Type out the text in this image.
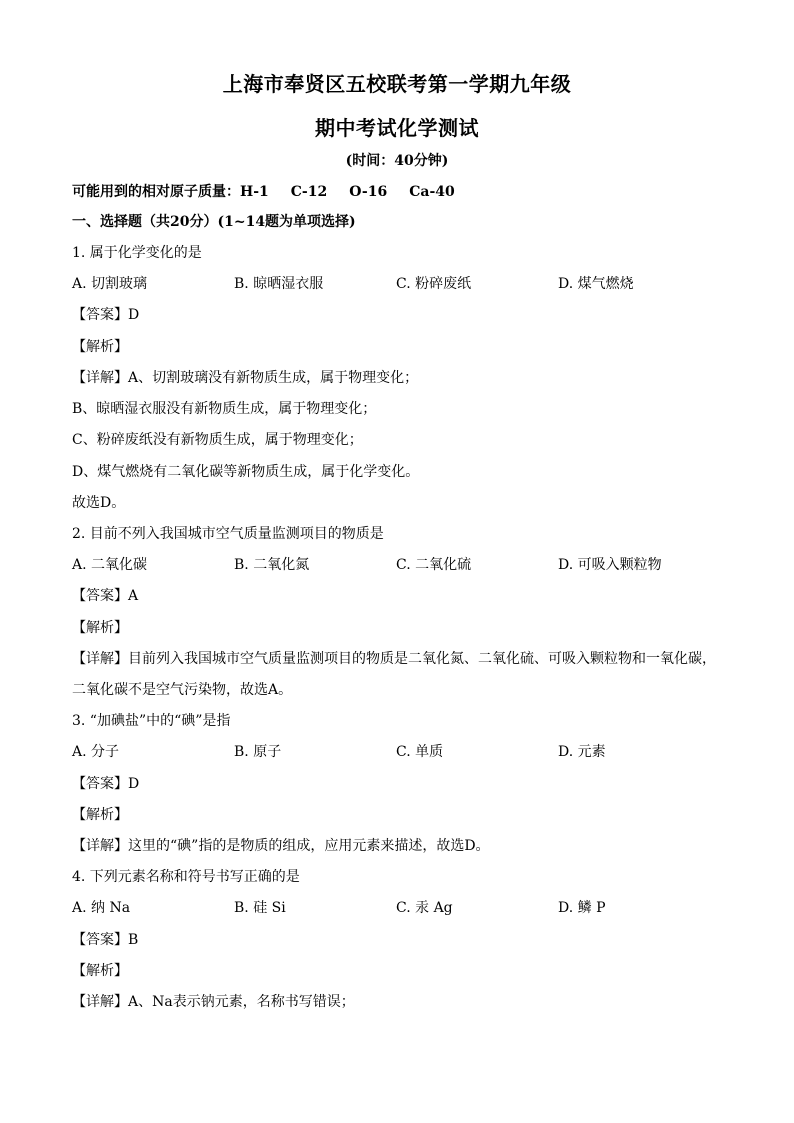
上海市奉贤区五校联考第一学期九年级
期中考试化学测试
(时间：40分钟)
可能用到的相对原子质量：H-1 C-12 O-16 Ca-40
一、选择题（共20分）(1~14题为单项选择)
1. 属于化学变化的是
A. 切割玻璃	B. 晾晒湿衣服	C. 粉碎废纸	D. 煤气燃烧
【答案】D
【解析】
【详解】A、切割玻璃没有新物质生成，属于物理变化；
B、晾晒湿衣服没有新物质生成，属于物理变化；
C、粉碎废纸没有新物质生成，属于物理变化；
D、煤气燃烧有二氧化碳等新物质生成，属于化学变化。
故选D。
2. 目前不列入我国城市空气质量监测项目的物质是
A. 二氧化碳	B. 二氧化氮	C. 二氧化硫	D. 可吸入颗粒物
【答案】A
【解析】
【详解】目前列入我国城市空气质量监测项目的物质是二氧化氮、二氧化硫、可吸入颗粒物和一氧化碳，
二氧化碳不是空气污染物，故选A。
3. “加碘盐”中的“碘”是指
A. 分子	B. 原子	C. 单质	D. 元素
【答案】D
【解析】
【详解】这里的“碘”指的是物质的组成，应用元素来描述，故选D。
4. 下列元素名称和符号书写正确的是
A. 纳 Na	B. 硅 Si	C. 汞 Ag	D. 鳞 P
【答案】B
【解析】
【详解】A、Na表示钠元素，名称书写错误；
